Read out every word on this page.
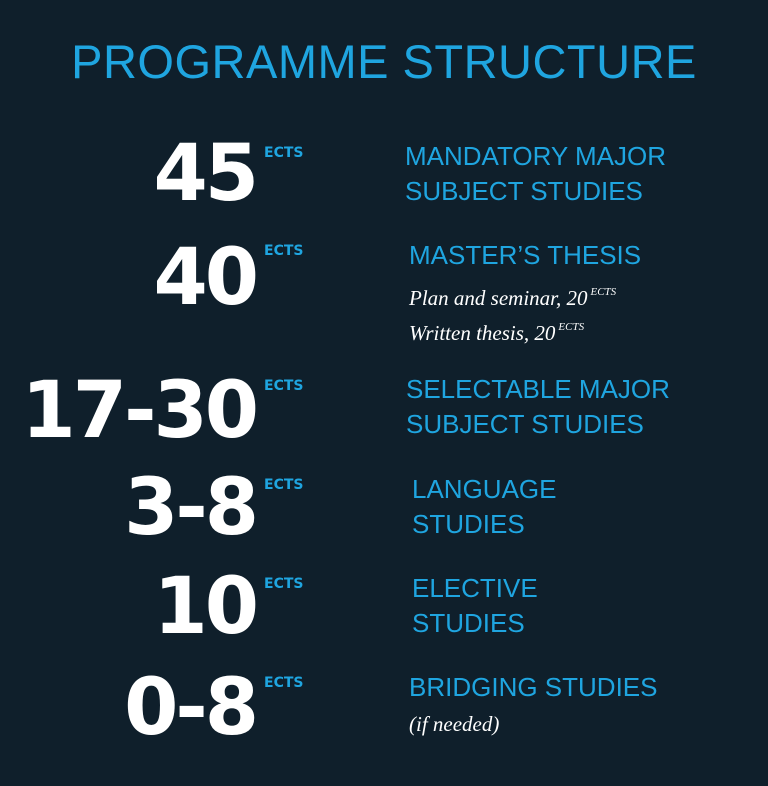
PROGRAMME STRUCTURE
45 ECTS	MANDATORY MAJOR
SUBJECT STUDIES
40 ECTS	MASTER’S THESIS
Plan and seminar, 20 $^{ECTS}$
Written thesis, 20 $^{ECTS}$
17-30 ECTS	SELECTABLE MAJOR
SUBJECT STUDIES
3-8 ECTS	LANGUAGE
STUDIES
10 ECTS	ELECTIVE
STUDIES
0-8 ECTS	BRIDGING STUDIES
(if needed)
